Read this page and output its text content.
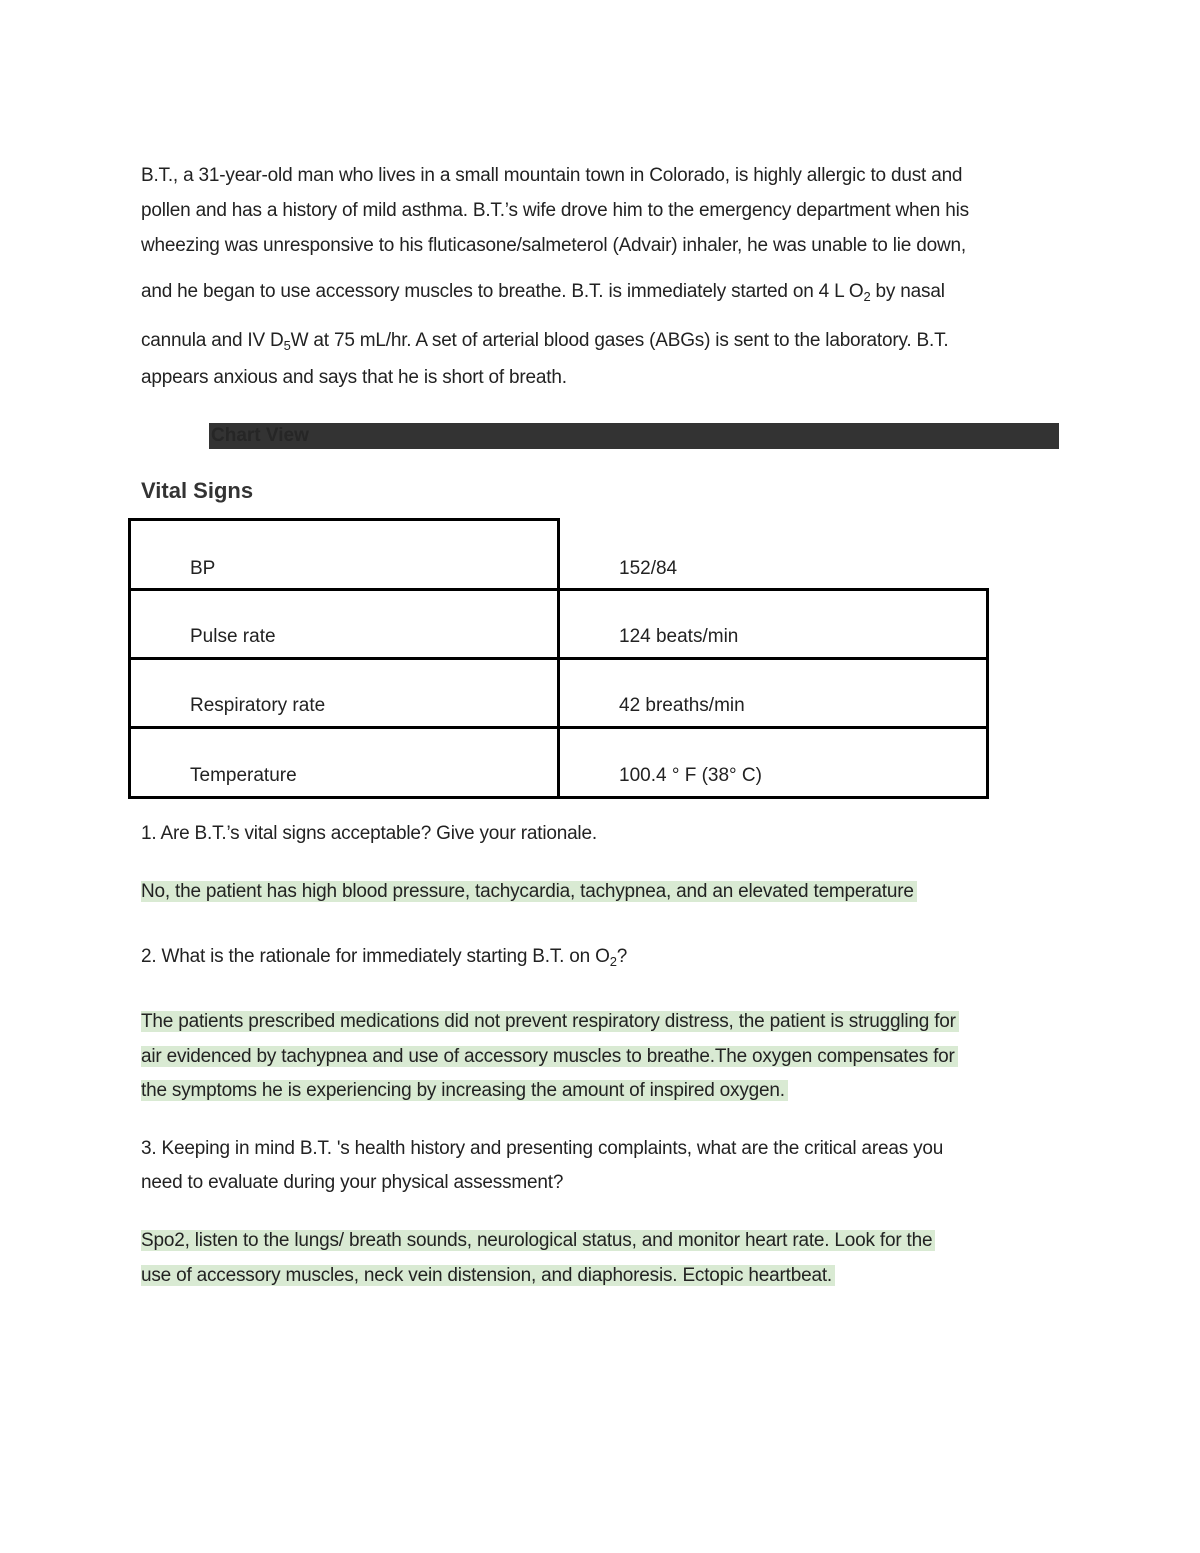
B.T., a 31-year-old man who lives in a small mountain town in Colorado, is highly allergic to dust and
pollen and has a history of mild asthma. B.T.’s wife drove him to the emergency department when his
wheezing was unresponsive to his fluticasone/salmeterol (Advair) inhaler, he was unable to lie down,
and he began to use accessory muscles to breathe. B.T. is immediately started on 4 L $O_2$ by nasal
cannula and IV $D_5W$ at 75 mL/hr. A set of arterial blood gases (ABGs) is sent to the laboratory. B.T.
appears anxious and says that he is short of breath.
Chart View
Vital Signs
BP	152/84
Pulse rate	124 beats/min
Respiratory rate	42 breaths/min
Temperature	100.4 ° F (38° C)
1. Are B.T.’s vital signs acceptable? Give your rationale.
No, the patient has high blood pressure, tachycardia, tachypnea, and an elevated temperature
2. What is the rationale for immediately starting B.T. on $O_2$?
The patients prescribed medications did not prevent respiratory distress, the patient is struggling for
air evidenced by tachypnea and use of accessory muscles to breathe.The oxygen compensates for
the symptoms he is experiencing by increasing the amount of inspired oxygen.
3. Keeping in mind B.T. 's health history and presenting complaints, what are the critical areas you
need to evaluate during your physical assessment?
Spo2, listen to the lungs/ breath sounds, neurological status, and monitor heart rate. Look for the
use of accessory muscles, neck vein distension, and diaphoresis. Ectopic heartbeat.
